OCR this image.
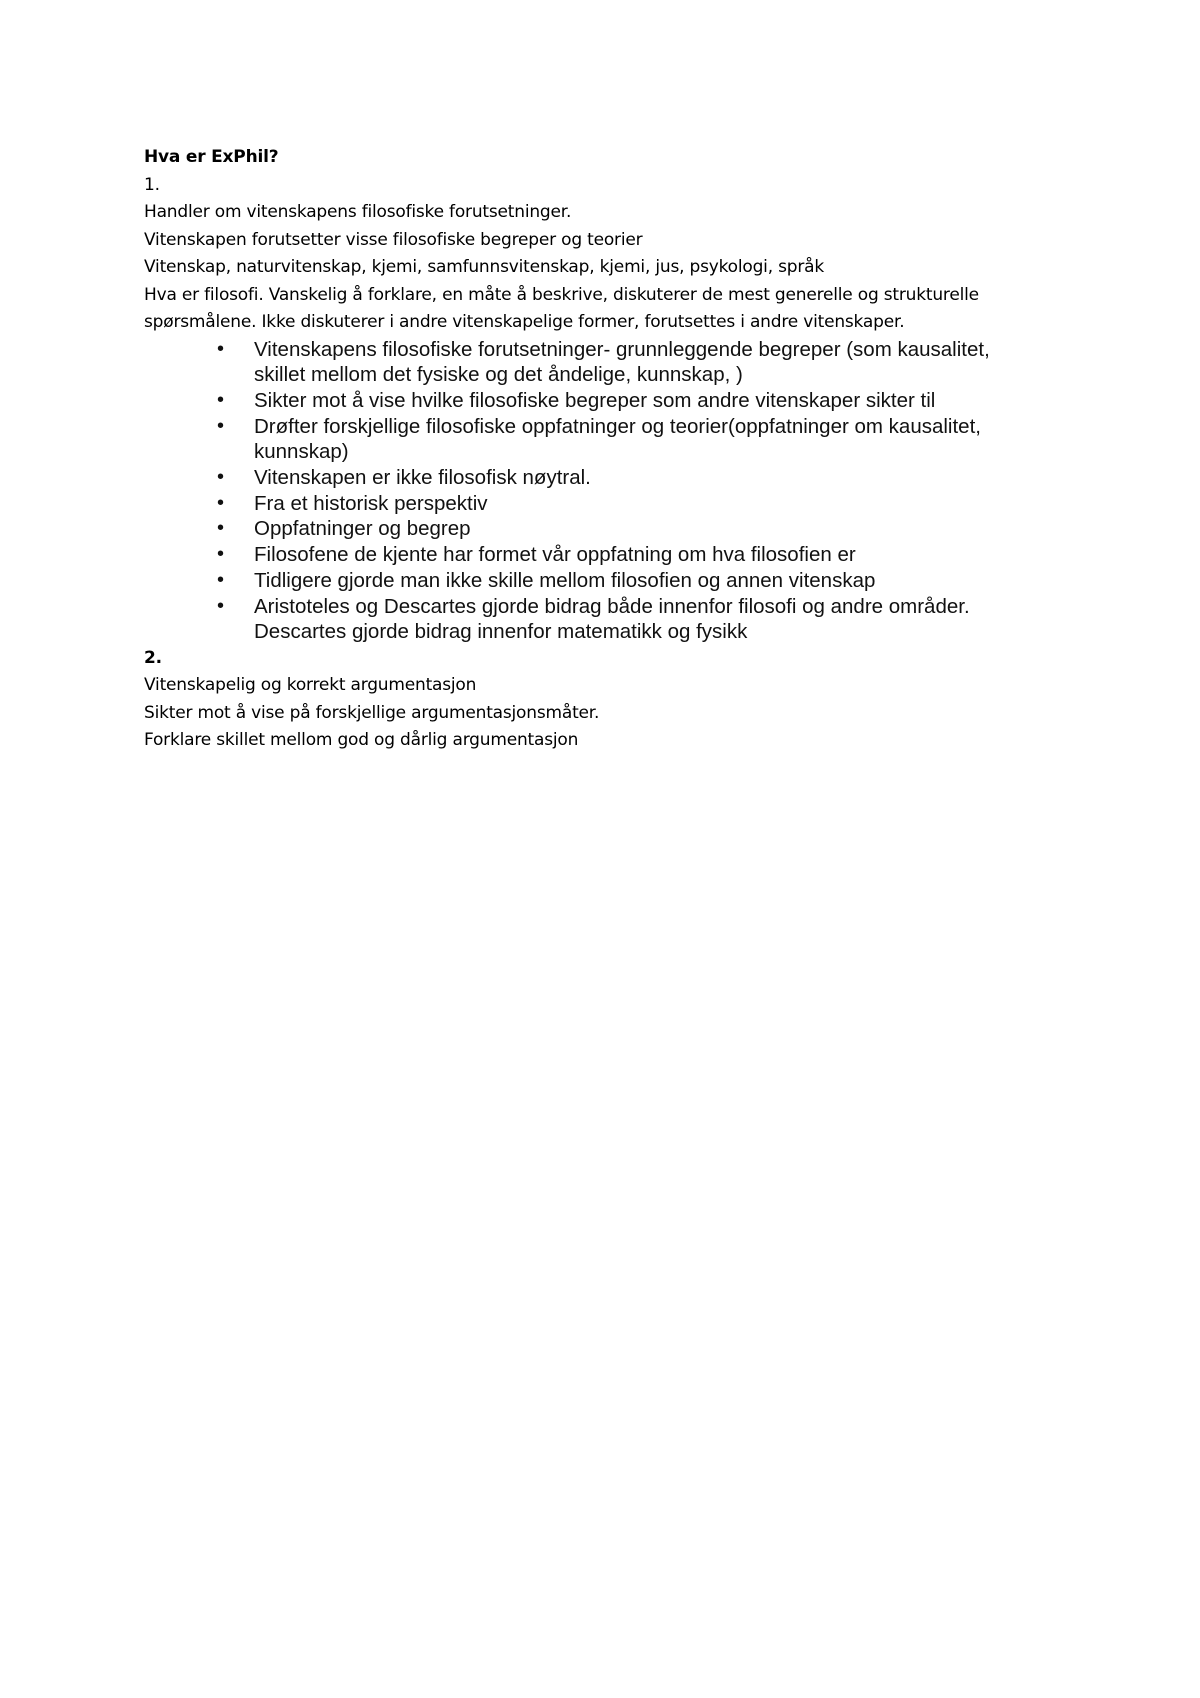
Hva er ExPhil?

1.

Handler om vitenskapens filosofiske forutsetninger.

Vitenskapen forutsetter visse filosofiske begreper og teorier

Vitenskap, naturvitenskap, kjemi, samfunnsvitenskap, kjemi, jus, psykologi, språk

Hva er filosofi. Vanskelig å forklare, en måte å beskrive, diskuterer de mest generelle og strukturelle

spørsmålene. Ikke diskuterer i andre vitenskapelige former, forutsettes i andre vitenskaper.

• Vitenskapens filosofiske forutsetninger- grunnleggende begreper (som kausalitet,
skillet mellom det fysiske og det åndelige, kunnskap, )
• Sikter mot å vise hvilke filosofiske begreper som andre vitenskaper sikter til
• Drøfter forskjellige filosofiske oppfatninger og teorier(oppfatninger om kausalitet,
kunnskap)
• Vitenskapen er ikke filosofisk nøytral.
• Fra et historisk perspektiv
• Oppfatninger og begrep
• Filosofene de kjente har formet vår oppfatning om hva filosofien er
• Tidligere gjorde man ikke skille mellom filosofien og annen vitenskap
• Aristoteles og Descartes gjorde bidrag både innenfor filosofi og andre områder.
Descartes gjorde bidrag innenfor matematikk og fysikk

2.

Vitenskapelig og korrekt argumentasjon

Sikter mot å vise på forskjellige argumentasjonsmåter.

Forklare skillet mellom god og dårlig argumentasjon
